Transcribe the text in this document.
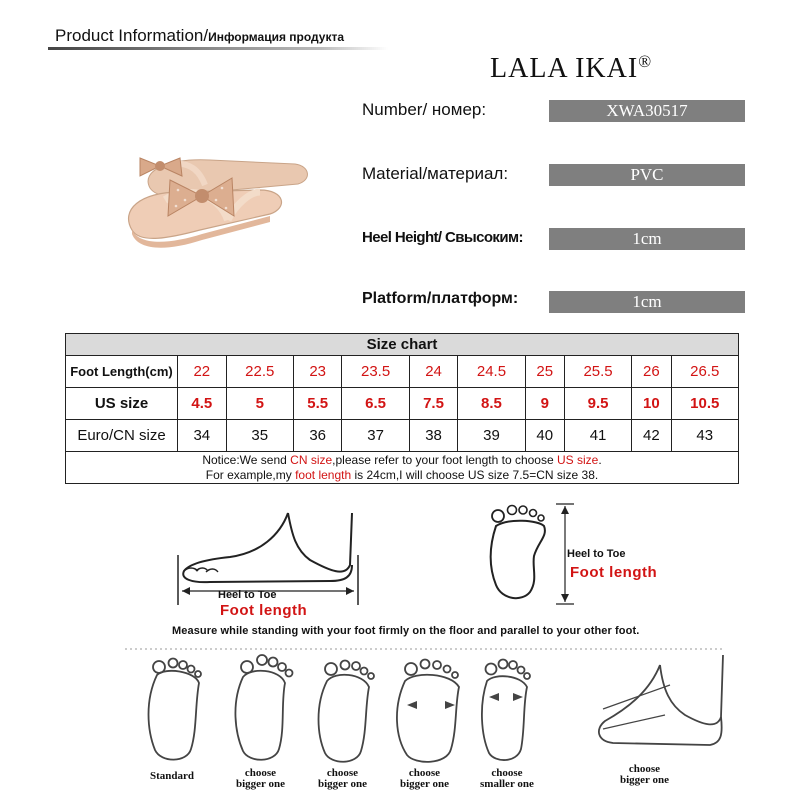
Product Information/Информация продукта
LALA IKAI®
Number/ номер:	XWA30517
Material/материал:	PVC
Heel Height/ Свысоким:	1cm
Platform/платформ:	1cm
Size chart										
Foot Length(cm)	22	22.5	23	23.5	24	24.5	25	25.5	26	26.5
US size	4.5	5	5.5	6.5	7.5	8.5	9	9.5	10	10.5
Euro/CN size	34	35	36	37	38	39	40	41	42	43

Notice:We send CN size,please refer to your foot length to choose US size.
For example,my foot length is 24cm,I will choose US size 7.5=CN size 38.										
Heel to Toe
Foot length
Heel to Toe
Foot length
Measure while standing with your foot firmly on the floor and parallel to your other foot.
Standard	choose
bigger one
choose
bigger one
choose
bigger one
choose
smaller one
choose
bigger one
